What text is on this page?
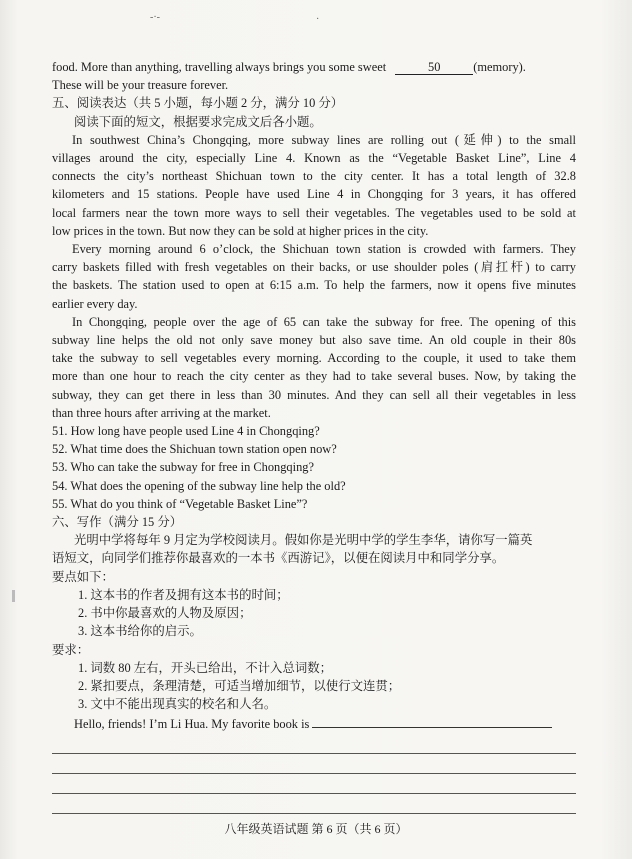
-·-	·
food. More than anything, travelling always brings you some sweet	50	(memory).
These will be your treasure forever.
五、阅读表达（共 5 小题，每小题 2 分，满分 10 分）
阅读下面的短文，根据要求完成文后各小题。
In southwest China’s Chongqing, more subway lines are rolling out (延伸) to the small
villages around the city, especially Line 4. Known as the “Vegetable Basket Line”, Line 4
connects the city’s northeast Shichuan town to the city center. It has a total length of 32.8
kilometers and 15 stations. People have used Line 4 in Chongqing for 3 years, it has offered
local farmers near the town more ways to sell their vegetables. The vegetables used to be sold at
low prices in the town. But now they can be sold at higher prices in the city.
Every morning around 6 o’clock, the Shichuan town station is crowded with farmers. They
carry baskets filled with fresh vegetables on their backs, or use shoulder poles (肩扛杆) to carry
the baskets. The station used to open at 6:15 a.m. To help the farmers, now it opens five minutes
earlier every day.
In Chongqing, people over the age of 65 can take the subway for free. The opening of this
subway line helps the old not only save money but also save time. An old couple in their 80s
take the subway to sell vegetables every morning. According to the couple, it used to take them
more than one hour to reach the city center as they had to take several buses. Now, by taking the
subway, they can get there in less than 30 minutes. And they can sell all their vegetables in less
than three hours after arriving at the market.
51. How long have people used Line 4 in Chongqing?
52. What time does the Shichuan town station open now?
53. Who can take the subway for free in Chongqing?
54. What does the opening of the subway line help the old?
55. What do you think of “Vegetable Basket Line”?
六、写作（满分 15 分）
光明中学将每年 9 月定为学校阅读月。假如你是光明中学的学生李华，请你写一篇英
语短文，向同学们推荐你最喜欢的一本书《西游记》，以便在阅读月中和同学分享。
要点如下：
1. 这本书的作者及拥有这本书的时间；
2. 书中你最喜欢的人物及原因；
3. 这本书给你的启示。
要求：
1. 词数 80 左右，开头已给出，不计入总词数；
2. 紧扣要点，条理清楚，可适当增加细节，以使行文连贯；
3. 文中不能出现真实的校名和人名。
Hello, friends! I’m Li Hua. My favorite book is
八年级英语试题 第 6 页（共 6 页）
